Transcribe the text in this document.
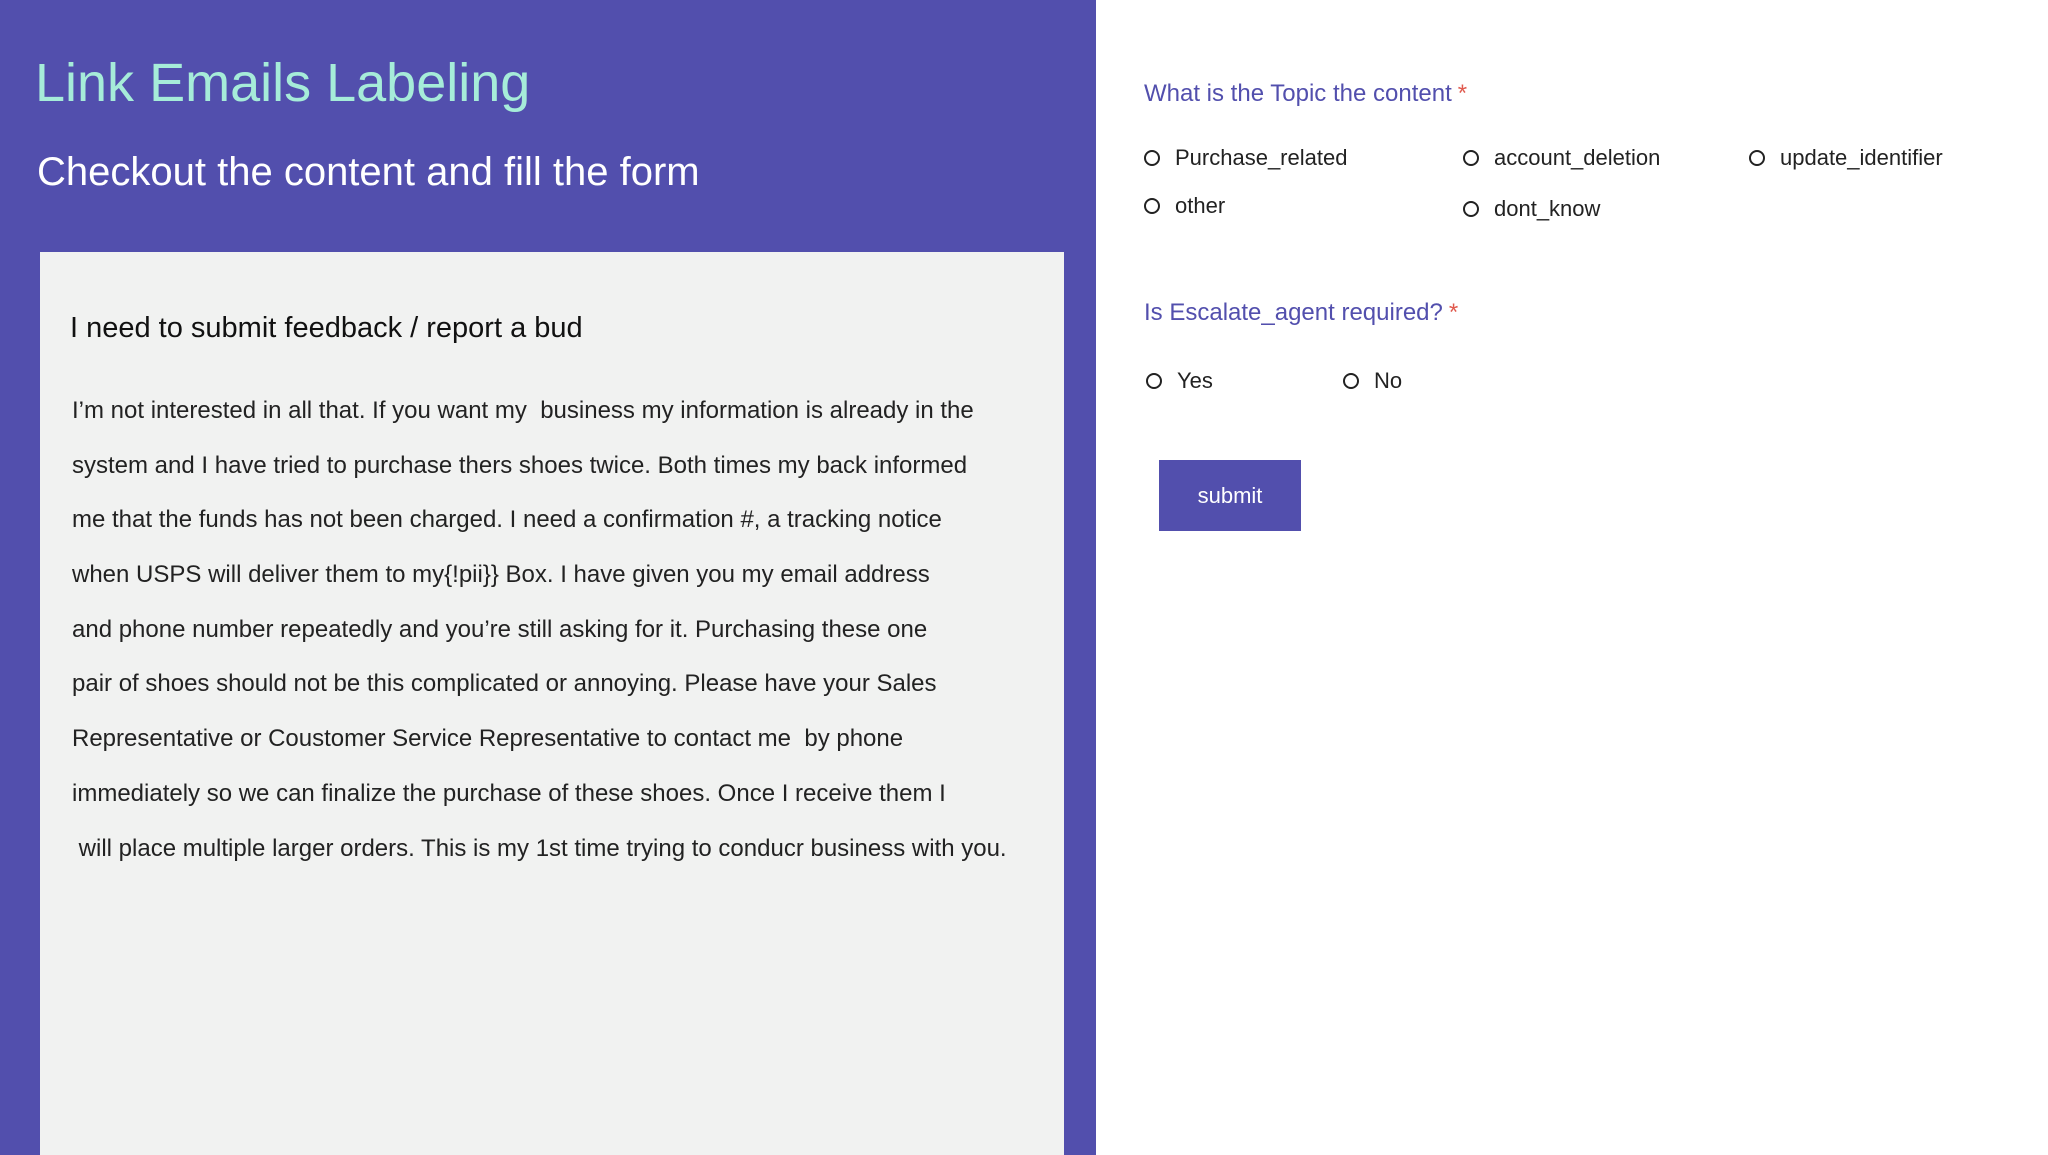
Link Emails Labeling
Checkout the content and fill the form
I need to submit feedback / report a bud
I’m not interested in all that. If you want my  business my information is already in the
system and I have tried to purchase thers shoes twice. Both times my back informed
me that the funds has not been charged. I need a confirmation #, a tracking notice
when USPS will deliver them to my{!pii}} Box. I have given you my email address
and phone number repeatedly and you’re still asking for it. Purchasing these one
pair of shoes should not be this complicated or annoying. Please have your Sales
Representative or Coustomer Service Representative to contact me  by phone
immediately so we can finalize the purchase of these shoes. Once I receive them I
will place multiple larger orders. This is my 1st time trying to conducr business with you.
What is the Topic the content *
Purchase_related	account_deletion	update_identifier
other	dont_know
Is Escalate_agent required? *
Yes	No
submit
